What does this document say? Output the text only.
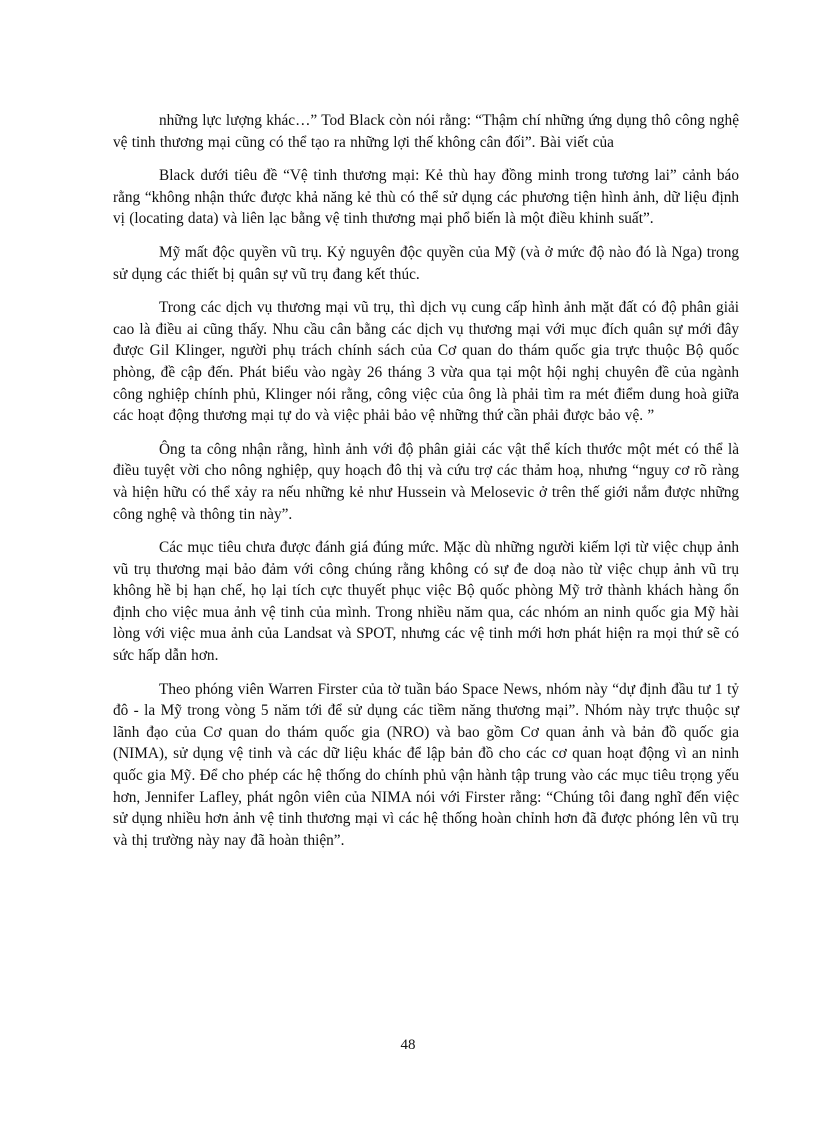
những lực lượng khác…” Tod Black còn nói rằng: “Thậm chí những ứng dụng thô công nghệ vệ tinh thương mại cũng có thể tạo ra những lợi thế không cân đối”. Bài viết của

Black dưới tiêu đề “Vệ tinh thương mại: Kẻ thù hay đồng minh trong tương lai” cảnh báo rằng “không nhận thức được khả năng kẻ thù có thể sử dụng các phương tiện hình ảnh, dữ liệu định vị (locating data) và liên lạc bằng vệ tinh thương mại phổ biến là một điều khinh suất”.

Mỹ mất độc quyền vũ trụ. Kỷ nguyên độc quyền của Mỹ (và ở mức độ nào đó là Nga) trong sử dụng các thiết bị quân sự vũ trụ đang kết thúc.

Trong các dịch vụ thương mại vũ trụ, thì dịch vụ cung cấp hình ảnh mặt đất có độ phân giải cao là điều ai cũng thấy. Nhu cầu cân bằng các dịch vụ thương mại với mục đích quân sự mới đây được Gil Klinger, người phụ trách chính sách của Cơ quan do thám quốc gia trực thuộc Bộ quốc phòng, đề cập đến. Phát biểu vào ngày 26 tháng 3 vừa qua tại một hội nghị chuyên đề của ngành công nghiệp chính phủ, Klinger nói rằng, công việc của ông là phải tìm ra mét điểm dung hoà giữa các hoạt động thương mại tự do và việc phải bảo vệ những thứ cần phải được bảo vệ. ”

Ông ta công nhận rằng, hình ảnh với độ phân giải các vật thể kích thước một mét có thể là điều tuyệt vời cho nông nghiệp, quy hoạch đô thị và cứu trợ các thảm hoạ, nhưng “nguy cơ rõ ràng và hiện hữu có thể xảy ra nếu những kẻ như Hussein và Melosevic ở trên thế giới nắm được những công nghệ và thông tin này”.

Các mục tiêu chưa được đánh giá đúng mức. Mặc dù những người kiếm lợi từ việc chụp ảnh vũ trụ thương mại bảo đảm với công chúng rằng không có sự đe doạ nào từ việc chụp ảnh vũ trụ không hề bị hạn chế, họ lại tích cực thuyết phục việc Bộ quốc phòng Mỹ trở thành khách hàng ổn định cho việc mua ảnh vệ tinh của mình. Trong nhiều năm qua, các nhóm an ninh quốc gia Mỹ hài lòng với việc mua ảnh của Landsat và SPOT, nhưng các vệ tinh mới hơn phát hiện ra mọi thứ sẽ có sức hấp dẫn hơn.

Theo phóng viên Warren Firster của tờ tuần báo Space News, nhóm này “dự định đầu tư 1 tỷ đô - la Mỹ trong vòng 5 năm tới để sử dụng các tiềm năng thương mại”. Nhóm này trực thuộc sự lãnh đạo của Cơ quan do thám quốc gia (NRO) và bao gồm Cơ quan ảnh và bản đồ quốc gia (NIMA), sử dụng vệ tinh và các dữ liệu khác để lập bản đồ cho các cơ quan hoạt động vì an ninh quốc gia Mỹ. Để cho phép các hệ thống do chính phủ vận hành tập trung vào các mục tiêu trọng yếu hơn, Jennifer Lafley, phát ngôn viên của NIMA nói với Firster rằng: “Chúng tôi đang nghĩ đến việc sử dụng nhiều hơn ảnh vệ tinh thương mại vì các hệ thống hoàn chỉnh hơn đã được phóng lên vũ trụ và thị trường này nay đã hoàn thiện”.

48
